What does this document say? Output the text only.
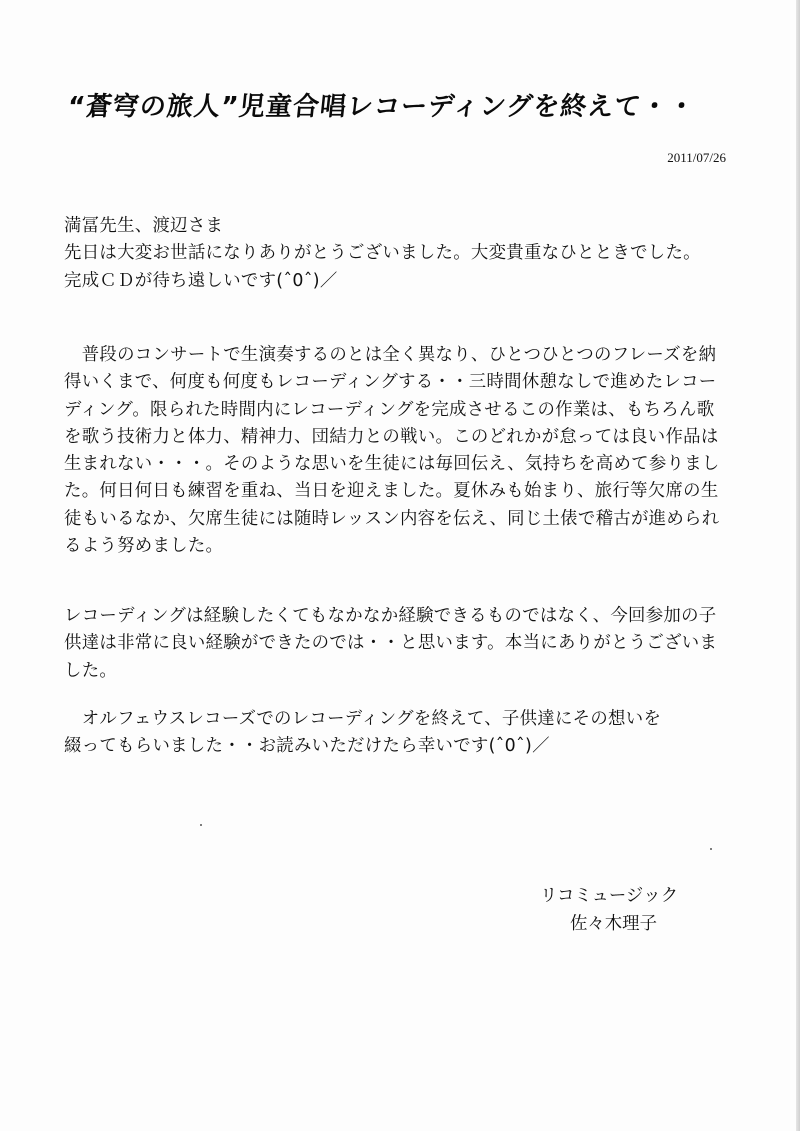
“蒼穹の旅人”児童合唱レコーディングを終えて・・
2011/07/26

満冨先生、渡辺さま
先日は大変お世話になりありがとうございました。大変貴重なひとときでした。
完成ＣＤが待ち遠しいです(ˆ0ˆ)／

　普段のコンサートで生演奏するのとは全く異なり、ひとつひとつのフレーズを納
得いくまで、何度も何度もレコーディングする・・三時間休憩なしで進めたレコー
ディング。限られた時間内にレコーディングを完成させるこの作業は、もちろん歌
を歌う技術力と体力、精神力、団結力との戦い。このどれかが怠っては良い作品は
生まれない・・・。そのような思いを生徒には毎回伝え、気持ちを高めて参りまし
た。何日何日も練習を重ね、当日を迎えました。夏休みも始まり、旅行等欠席の生
徒もいるなか、欠席生徒には随時レッスン内容を伝え、同じ土俵で稽古が進められ
るよう努めました。

レコーディングは経験したくてもなかなか経験できるものではなく、今回参加の子
供達は非常に良い経験ができたのでは・・と思います。本当にありがとうございま
した。

　オルフェウスレコーズでのレコーディングを終えて、子供達にその想いを
綴ってもらいました・・お読みいただけたら幸いです(ˆ0ˆ)／

リコミュージック
佐々木理子
